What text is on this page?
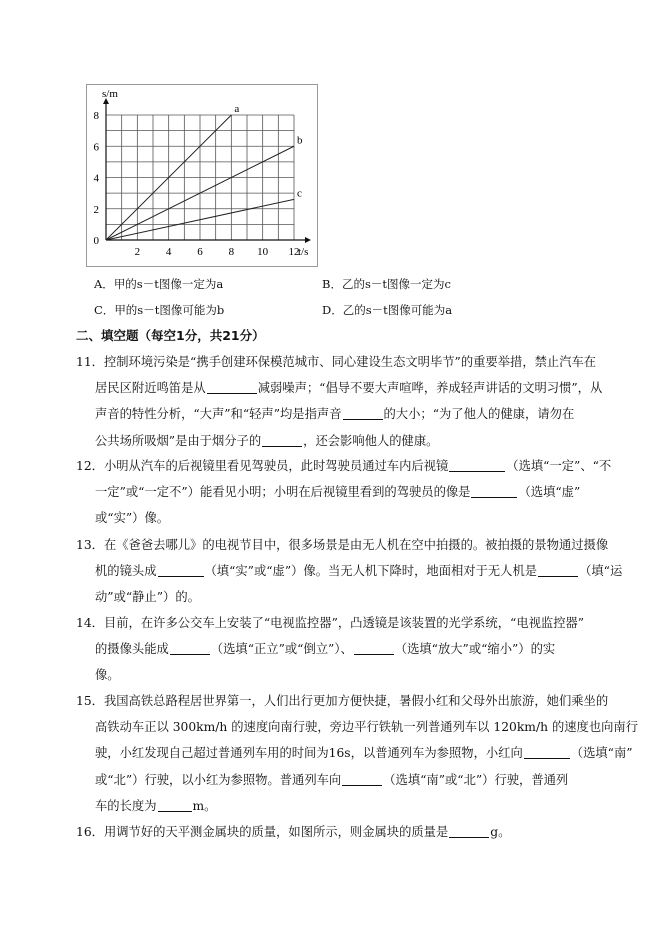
2 4 6 8 10 12
2
4
6
8
0
s/m
t/s
a
b
c
A．甲的s－t图像一定为a	B．乙的s－t图像一定为c
C．甲的s－t图像可能为b	D．乙的s－t图像可能为a
二、填空题（每空1分，共21分）
11．控制环境污染是“携手创建环保模范城市、同心建设生态文明毕节”的重要举措，禁止汽车在
居民区附近鸣笛是从	减弱噪声；“倡导不要大声喧哗，养成轻声讲话的文明习惯”，从
声音的特性分析，“大声”和“轻声”均是指声音	的大小；“为了他人的健康，请勿在
公共场所吸烟”是由于烟分子的	，还会影响他人的健康。
12．小明从汽车的后视镜里看见驾驶员，此时驾驶员通过车内后视镜	（选填“一定”、“不
一定”或“一定不”）能看见小明；小明在后视镜里看到的驾驶员的像是	（选填“虚”
或“实”）像。
13．在《爸爸去哪儿》的电视节目中，很多场景是由无人机在空中拍摄的。被拍摄的景物通过摄像
机的镜头成	（填“实”或“虚”）像。当无人机下降时，地面相对于无人机是	（填“运
动”或“静止”）的。
14．目前，在许多公交车上安装了“电视监控器”，凸透镜是该装置的光学系统，“电视监控器”
的摄像头能成	（选填“正立”或“倒立”）、	（选填“放大”或“缩小”）的实
像。
15．我国高铁总路程居世界第一，人们出行更加方便快捷，暑假小红和父母外出旅游，她们乘坐的
高铁动车正以 300km/h 的速度向南行驶，旁边平行铁轨一列普通列车以 120km/h 的速度也向南行
驶，小红发现自己超过普通列车用的时间为16s，以普通列车为参照物，小红向	（选填“南”
或“北”）行驶，以小红为参照物。普通列车向	（选填“南”或“北”）行驶，普通列
车的长度为	m。
16．用调节好的天平测金属块的质量，如图所示，则金属块的质量是	g。
